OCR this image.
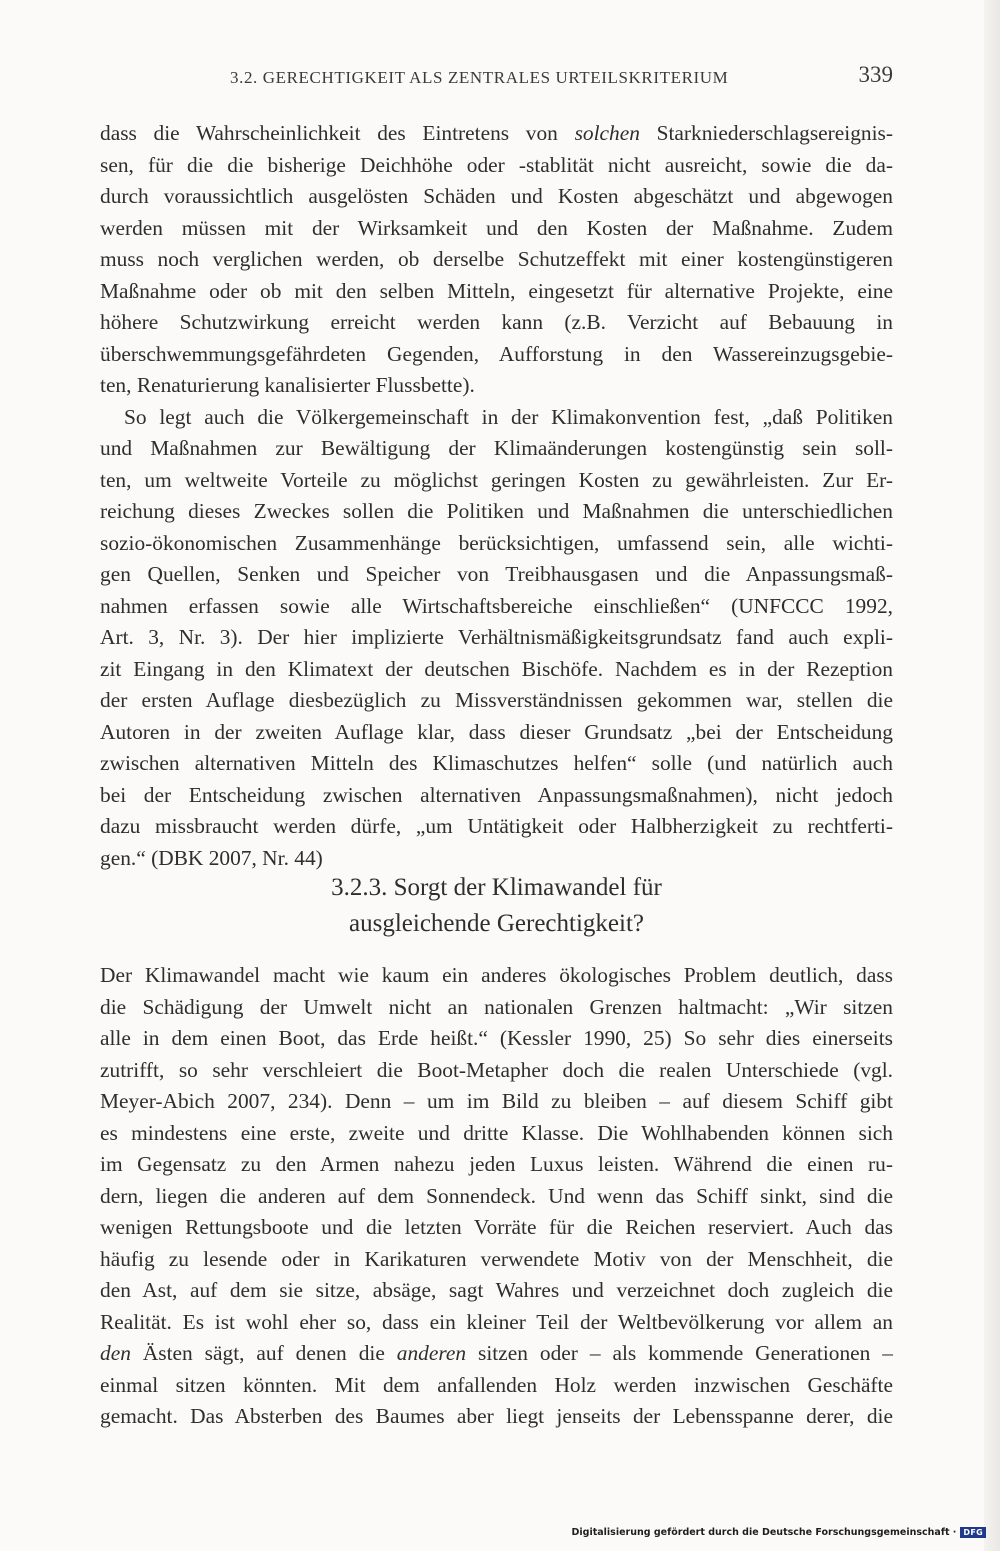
3.2. GERECHTIGKEIT ALS ZENTRALES URTEILSKRITERIUM	339
dass die Wahrscheinlichkeit des Eintretens von solchen Starkniederschlagsereignis-
sen, für die die bisherige Deichhöhe oder -stablität nicht ausreicht, sowie die da-
durch voraussichtlich ausgelösten Schäden und Kosten abgeschätzt und abgewogen
werden müssen mit der Wirksamkeit und den Kosten der Maßnahme. Zudem
muss noch verglichen werden, ob derselbe Schutzeffekt mit einer kostengünstigeren
Maßnahme oder ob mit den selben Mitteln, eingesetzt für alternative Projekte, eine
höhere Schutzwirkung erreicht werden kann (z.B. Verzicht auf Bebauung in
überschwemmungsgefährdeten Gegenden, Aufforstung in den Wassereinzugsgebie-
ten, Renaturierung kanalisierter Flussbette).
So legt auch die Völkergemeinschaft in der Klimakonvention fest, „daß Politiken
und Maßnahmen zur Bewältigung der Klimaänderungen kostengünstig sein soll-
ten, um weltweite Vorteile zu möglichst geringen Kosten zu gewährleisten. Zur Er-
reichung dieses Zweckes sollen die Politiken und Maßnahmen die unterschiedlichen
sozio-ökonomischen Zusammenhänge berücksichtigen, umfassend sein, alle wichti-
gen Quellen, Senken und Speicher von Treibhausgasen und die Anpassungsmaß-
nahmen erfassen sowie alle Wirtschaftsbereiche einschließen“ (UNFCCC 1992,
Art. 3, Nr. 3). Der hier implizierte Verhältnismäßigkeitsgrundsatz fand auch expli-
zit Eingang in den Klimatext der deutschen Bischöfe. Nachdem es in der Rezeption
der ersten Auflage diesbezüglich zu Missverständnissen gekommen war, stellen die
Autoren in der zweiten Auflage klar, dass dieser Grundsatz „bei der Entscheidung
zwischen alternativen Mitteln des Klimaschutzes helfen“ solle (und natürlich auch
bei der Entscheidung zwischen alternativen Anpassungsmaßnahmen), nicht jedoch
dazu missbraucht werden dürfe, „um Untätigkeit oder Halbherzigkeit zu rechtferti-
gen.“ (DBK 2007, Nr. 44)
3.2.3. Sorgt der Klimawandel für
ausgleichende Gerechtigkeit?
Der Klimawandel macht wie kaum ein anderes ökologisches Problem deutlich, dass
die Schädigung der Umwelt nicht an nationalen Grenzen haltmacht: „Wir sitzen
alle in dem einen Boot, das Erde heißt.“ (Kessler 1990, 25) So sehr dies einerseits
zutrifft, so sehr verschleiert die Boot-Metapher doch die realen Unterschiede (vgl.
Meyer-Abich 2007, 234). Denn – um im Bild zu bleiben – auf diesem Schiff gibt
es mindestens eine erste, zweite und dritte Klasse. Die Wohlhabenden können sich
im Gegensatz zu den Armen nahezu jeden Luxus leisten. Während die einen ru-
dern, liegen die anderen auf dem Sonnendeck. Und wenn das Schiff sinkt, sind die
wenigen Rettungsboote und die letzten Vorräte für die Reichen reserviert. Auch das
häufig zu lesende oder in Karikaturen verwendete Motiv von der Menschheit, die
den Ast, auf dem sie sitze, absäge, sagt Wahres und verzeichnet doch zugleich die
Realität. Es ist wohl eher so, dass ein kleiner Teil der Weltbevölkerung vor allem an
den Ästen sägt, auf denen die anderen sitzen oder – als kommende Generationen –
einmal sitzen könnten. Mit dem anfallenden Holz werden inzwischen Geschäfte
gemacht. Das Absterben des Baumes aber liegt jenseits der Lebensspanne derer, die
Digitalisierung gefördert durch die Deutsche Forschungsgemeinschaft · DFG
